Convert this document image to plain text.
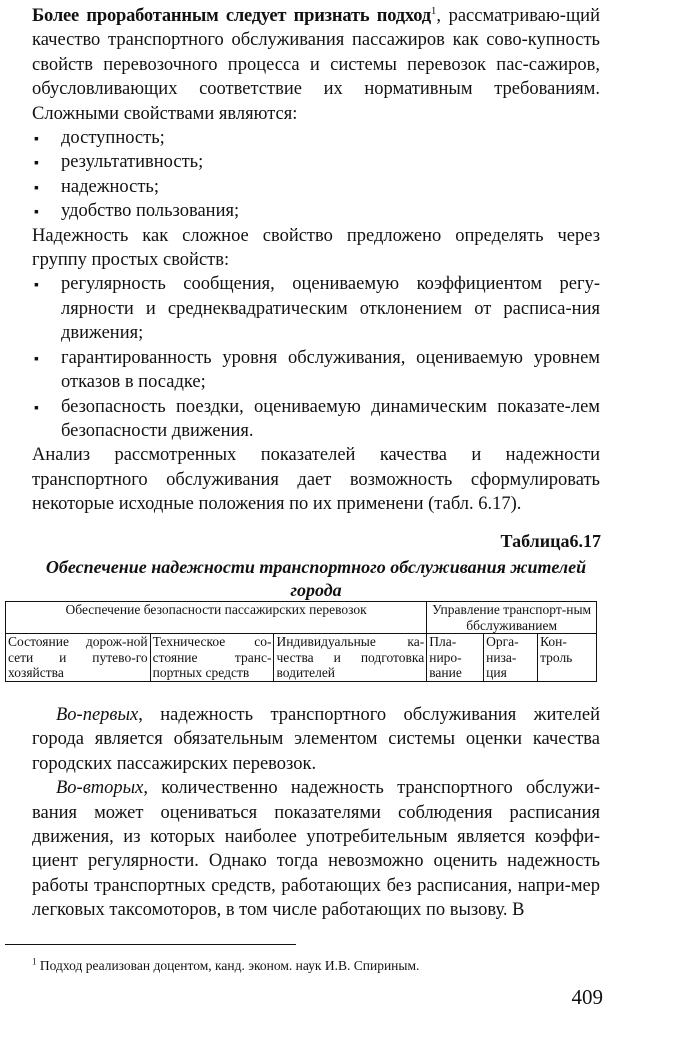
Более проработанным следует признать подход$^1$, рассматриваю-щий качество транспортного обслуживания пассажиров как сово-купность свойств перевозочного процесса и системы перевозок пас-сажиров, обусловливающих соответствие их нормативным требованиям. Сложными свойствами являются:

▪
доступность;
▪
результативность;
▪
надежность;
▪
удобство пользования;

Надежность как сложное свойство предложено определять через группу простых свойств:

▪
регулярность сообщения, оцениваемую коэффициентом регу-лярности и среднеквадратическим отклонением от расписа-ния движения;
▪
гарантированность уровня обслуживания, оцениваемую уровнем отказов в посадке;
▪
безопасность поездки, оцениваемую динамическим показате-лем безопасности движения.

Анализ рассмотренных показателей качества и надежности транспортного обслуживания дает возможность сформулировать некоторые исходные положения по их применени (табл. 6.17).

Таблица6.17
Обеспечение надежности транспортного обслуживания жителей города
Обеспечение безопасности пассажирских перевозок			Управление транспорт-ным ббслуживанием		
Состояние дорож-ной сети и путево-го хозяйства	Техническое со-стояние транс-портных средств	Индивидуальные ка-чества и подготовка водителей	Пла-ниро-вание	Орга-низа-ция	Кон-троль

Во-первых, надежность транспортного обслуживания жителей города является обязательным элементом системы оценки качества городских пассажирских перевозок.

Во-вторых, количественно надежность транспортного обслужи-вания может оцениваться показателями соблюдения расписания движения, из которых наиболее употребительным является коэффи-циент регулярности. Однако тогда невозможно оценить надежность работы транспортных средств, работающих без расписания, напри-мер легковых таксомоторов, в том числе работающих по вызову. В

$^1$ Подход реализован доцентом, канд. эконом. наук И.В. Спириным.
409
